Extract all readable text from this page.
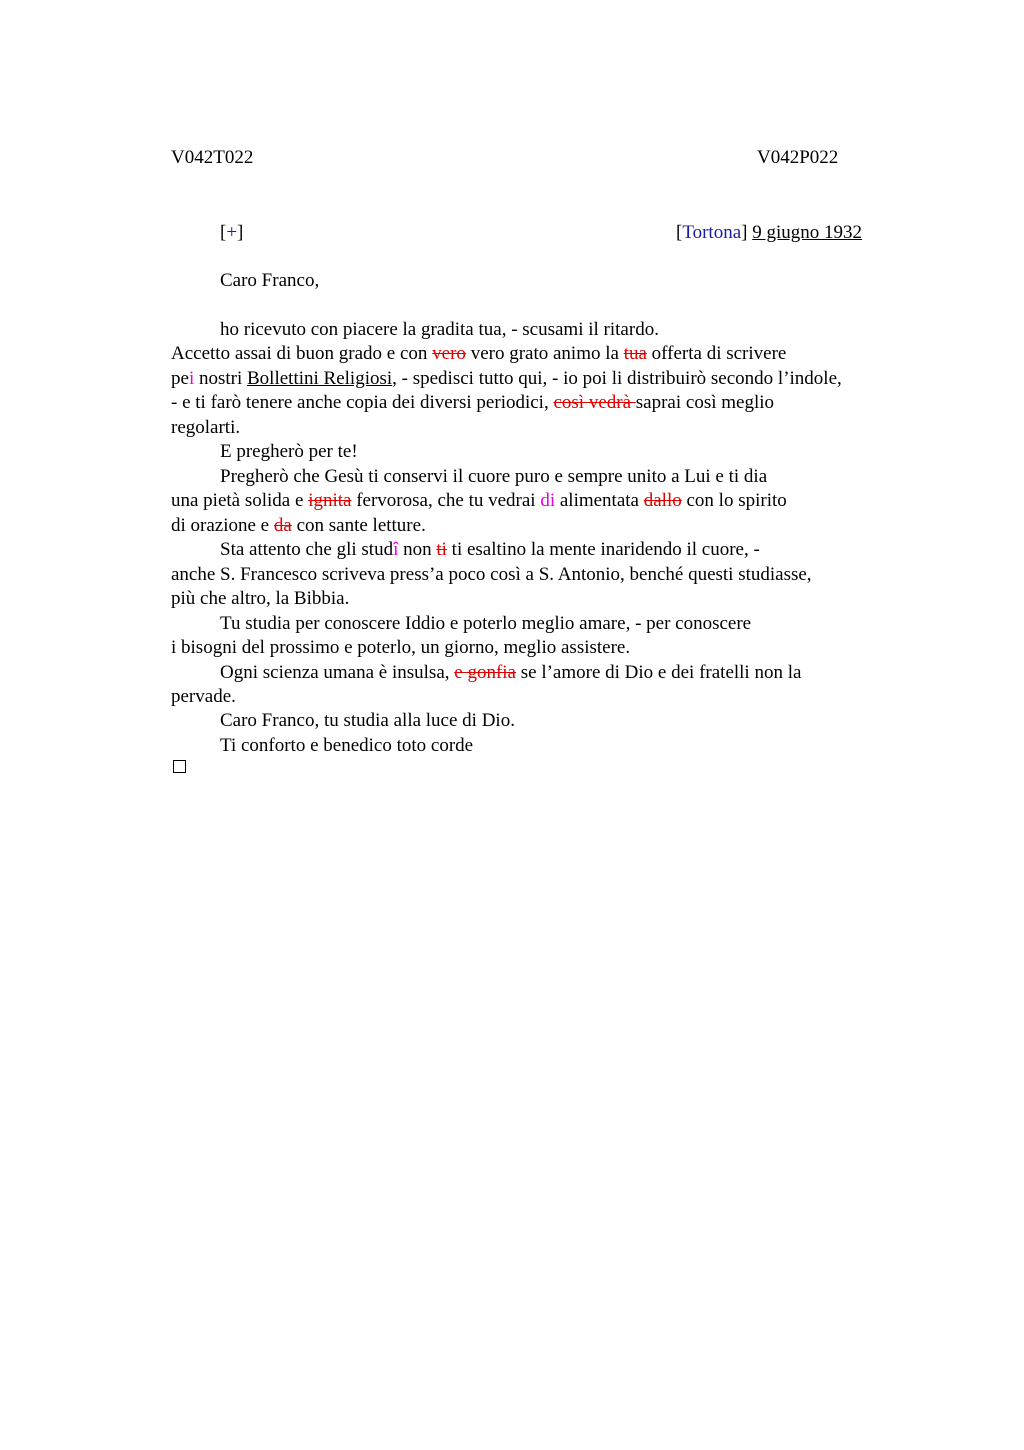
V042T022	V042P022
[+]	[Tortona] 9 giugno 1932
Caro Franco,
ho ricevuto con piacere la gradita tua, - scusami il ritardo.
Accetto assai di buon grado e con vero vero grato animo la tua offerta di scrivere
pei nostri Bollettini Religiosi, - spedisci tutto qui, - io poi li distribuirò secondo l’indole,
- e ti farò tenere anche copia dei diversi periodici, così vedrà saprai così meglio
regolarti.
E pregherò per te!
Pregherò che Gesù ti conservi il cuore puro e sempre unito a Lui e ti dia
una pietà solida e ignita fervorosa, che tu vedrai di alimentata dallo con lo spirito
di orazione e da con sante letture.
Sta attento che gli studî non ti ti esaltino la mente inaridendo il cuore, -
anche S. Francesco scriveva press’a poco così a S. Antonio, benché questi studiasse,
più che altro, la Bibbia.
Tu studia per conoscere Iddio e poterlo meglio amare, - per conoscere
i bisogni del prossimo e poterlo, un giorno, meglio assistere.
Ogni scienza umana è insulsa, e gonfia se l’amore di Dio e dei fratelli non la
pervade.
Caro Franco, tu studia alla luce di Dio.
Ti conforto e benedico toto corde
